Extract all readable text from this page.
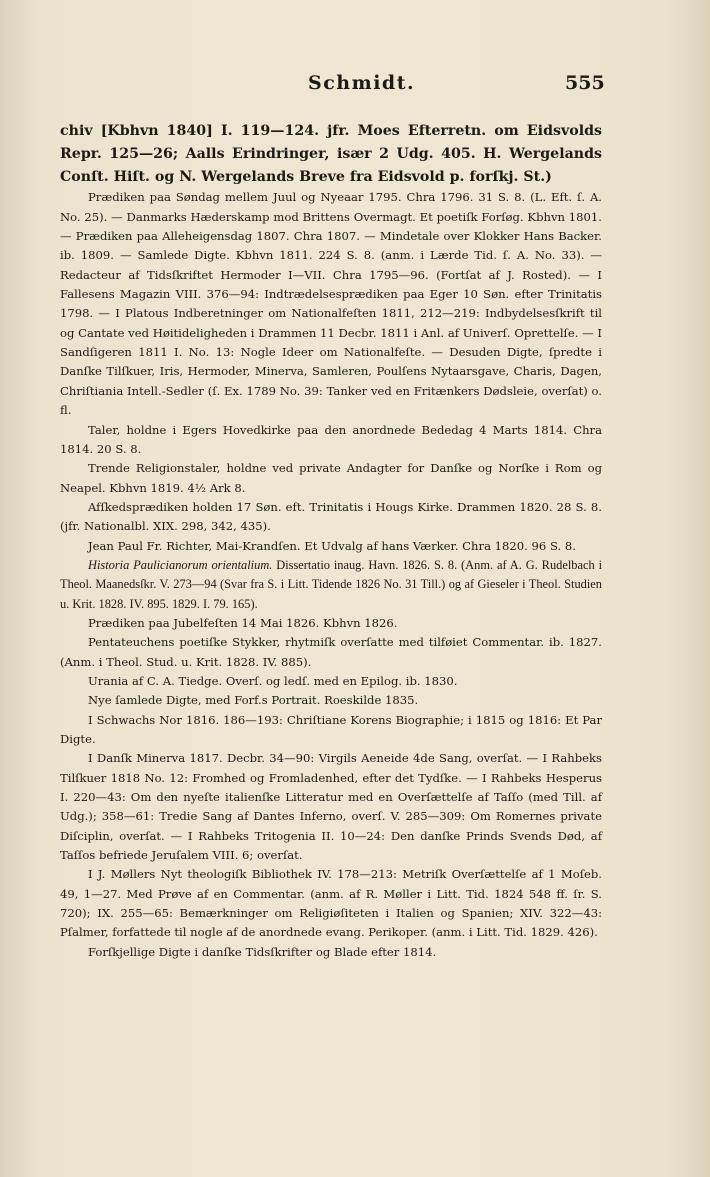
Schmidt.	555

chiv [Kbhvn 1840] I. 119—124. jfr. Moes Efterretn. om Eidsvolds Repr. 125—26; Aalls Erindringer, især 2 Udg. 405. H. Wergelands Conſt. Hiſt. og N. Wergelands Breve fra Eidsvold p. forſkj. St.)

Prædiken paa Søndag mellem Juul og Nyeaar 1795. Chra 1796. 31 S. 8. (L. Eft. ſ. A. No. 25). — Danmarks Hæderskamp mod Brittens Overmagt. Et poetiſk Forſøg. Kbhvn 1801. — Prædiken paa Alleheigensdag 1807. Chra 1807. — Mindetale over Klokker Hans Backer. ib. 1809. — Samlede Digte. Kbhvn 1811. 224 S. 8. (anm. i Lærde Tid. ſ. A. No. 33). — Redacteur af Tidsſkriftet Hermoder I—VII. Chra 1795—96. (Fortſat af J. Rosted). — I Fallesens Magazin VIII. 376—94: Indtrædelsesprædiken paa Eger 10 Søn. efter Trinitatis 1798. — I Platous Indberetninger om Nationalfeſten 1811, 212—219: Indbydelsesſkrift til og Cantate ved Høitideligheden i Drammen 11 Decbr. 1811 i Anl. af Univerſ. Oprettelſe. — I Sandſigeren 1811 I. No. 13: Nogle Ideer om Nationalfeſte. — Desuden Digte, ſpredte i Danſke Tilſkuer, Iris, Hermoder, Minerva, Samleren, Poulſens Nytaarsgave, Charis, Dagen, Chriſtiania Intell.-Sedler (ſ. Ex. 1789 No. 39: Tanker ved en Fritænkers Dødsleie, overſat) o. fl.

Taler, holdne i Egers Hovedkirke paa den anordnede Bededag 4 Marts 1814. Chra 1814. 20 S. 8.

Trende Religionstaler, holdne ved private Andagter for Danſke og Norſke i Rom og Neapel. Kbhvn 1819. 4½ Ark 8.

Afſkedsprædiken holden 17 Søn. eft. Trinitatis i Hougs Kirke. Drammen 1820. 28 S. 8. (jfr. Nationalbl. XIX. 298, 342, 435).

Jean Paul Fr. Richter, Mai-Krandſen. Et Udvalg af hans Værker. Chra 1820. 96 S. 8.

Historia Paulicianorum orientalium. Dissertatio inaug. Havn. 1826. S. 8. (Anm. af A. G. Rudelbach i Theol. Maanedsſkr. V. 273—94 (Svar fra S. i Litt. Tidende 1826 No. 31 Till.) og af Gieseler i Theol. Studien u. Krit. 1828. IV. 895. 1829. I. 79. 165).

Prædiken paa Jubelfeſten 14 Mai 1826. Kbhvn 1826.

Pentateuchens poetiſke Stykker, rhytmiſk overſatte med tilføiet Commentar. ib. 1827. (Anm. i Theol. Stud. u. Krit. 1828. IV. 885).

Urania af C. A. Tiedge. Overſ. og ledſ. med en Epilog. ib. 1830.

Nye ſamlede Digte, med Forf.s Portrait. Roeskilde 1835.

I Schwachs Nor 1816. 186—193: Chriſtiane Korens Biographie; i 1815 og 1816: Et Par Digte.

I Danſk Minerva 1817. Decbr. 34—90: Virgils Aeneide 4de Sang, overſat. — I Rahbeks Tilſkuer 1818 No. 12: Fromhed og Fromladenhed, efter det Tydſke. — I Rahbeks Hesperus I. 220—43: Om den nyeſte italienſke Litteratur med en Overſættelſe af Taſſo (med Till. af Udg.); 358—61: Tredie Sang af Dantes Inferno, overſ. V. 285—309: Om Romernes private Diſciplin, overſat. — I Rahbeks Tritogenia II. 10—24: Den danſke Prinds Svends Død, af Taſſos befriede Jeruſalem VIII. 6; overſat.

I J. Møllers Nyt theologiſk Bibliothek IV. 178—213: Metriſk Overſættelſe af 1 Moſeb. 49, 1—27. Med Prøve af en Commentar. (anm. af R. Møller i Litt. Tid. 1824 548 ff. ſr. S. 720); IX. 255—65: Bemærkninger om Religiøſiteten i Italien og Spanien; XIV. 322—43: Pſalmer, forfattede til nogle af de anordnede evang. Perikoper. (anm. i Litt. Tid. 1829. 426).

Forſkjellige Digte i danſke Tidsſkrifter og Blade efter 1814.
